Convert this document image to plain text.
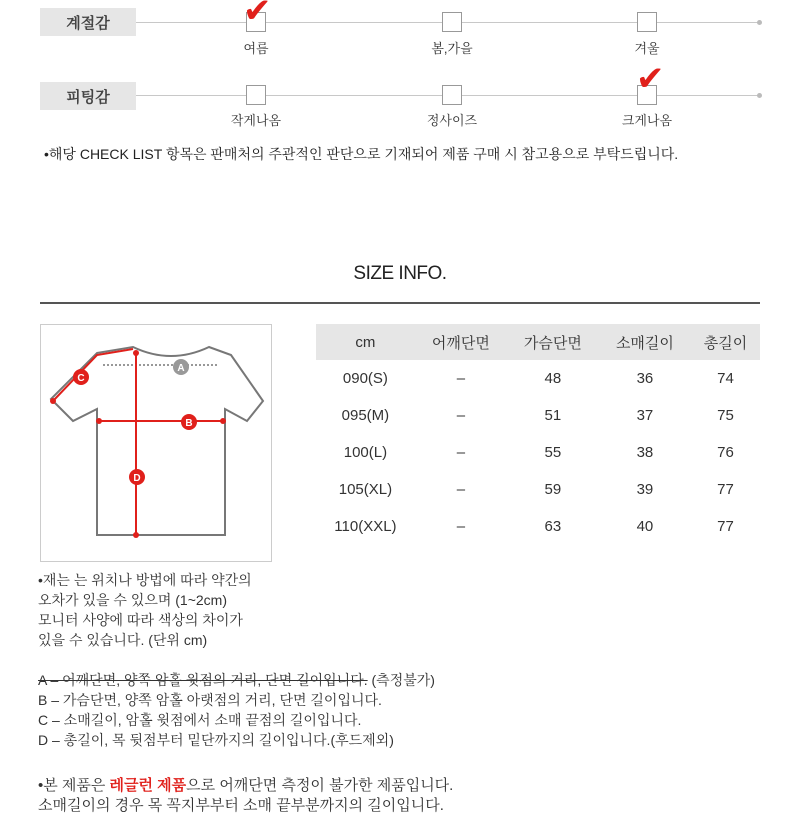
계절감	✔
여름	봄,가을	겨울
피팅감	✔
작게나옴	정사이즈	크게나옴
•해당 CHECK LIST 항목은 판매처의 주관적인 판단으로 기재되어 제품 구매 시 참고용으로 부탁드립니다.
SIZE INFO.
A
B
C
D
cm	어깨단면	가슴단면	소매길이	총길이
090(S)	–	48	36	74
095(M)	–	51	37	75
100(L)	–	55	38	76
105(XL)	–	59	39	77
110(XXL)	–	63	40	77
•재는 는 위치나 방법에 따라 약간의
오차가 있을 수 있으며 (1~2cm)
모니터 사양에 따라 색상의 차이가
있을 수 있습니다. (단위 cm)
A – 어깨단면, 양쪽 암홀 윗점의 거리, 단면 길이입니다. (측정불가)
B – 가슴단면, 양쪽 암홀 아랫점의 거리, 단면 길이입니다.
C – 소매길이, 암홀 윗점에서 소매 끝점의 길이입니다.
D – 총길이, 목 뒷점부터 밑단까지의 길이입니다.(후드제외)
•본 제품은 레글런 제품으로 어깨단면 측정이 불가한 제품입니다.
소매길이의 경우 목 꼭지부부터 소매 끝부분까지의 길이입니다.
